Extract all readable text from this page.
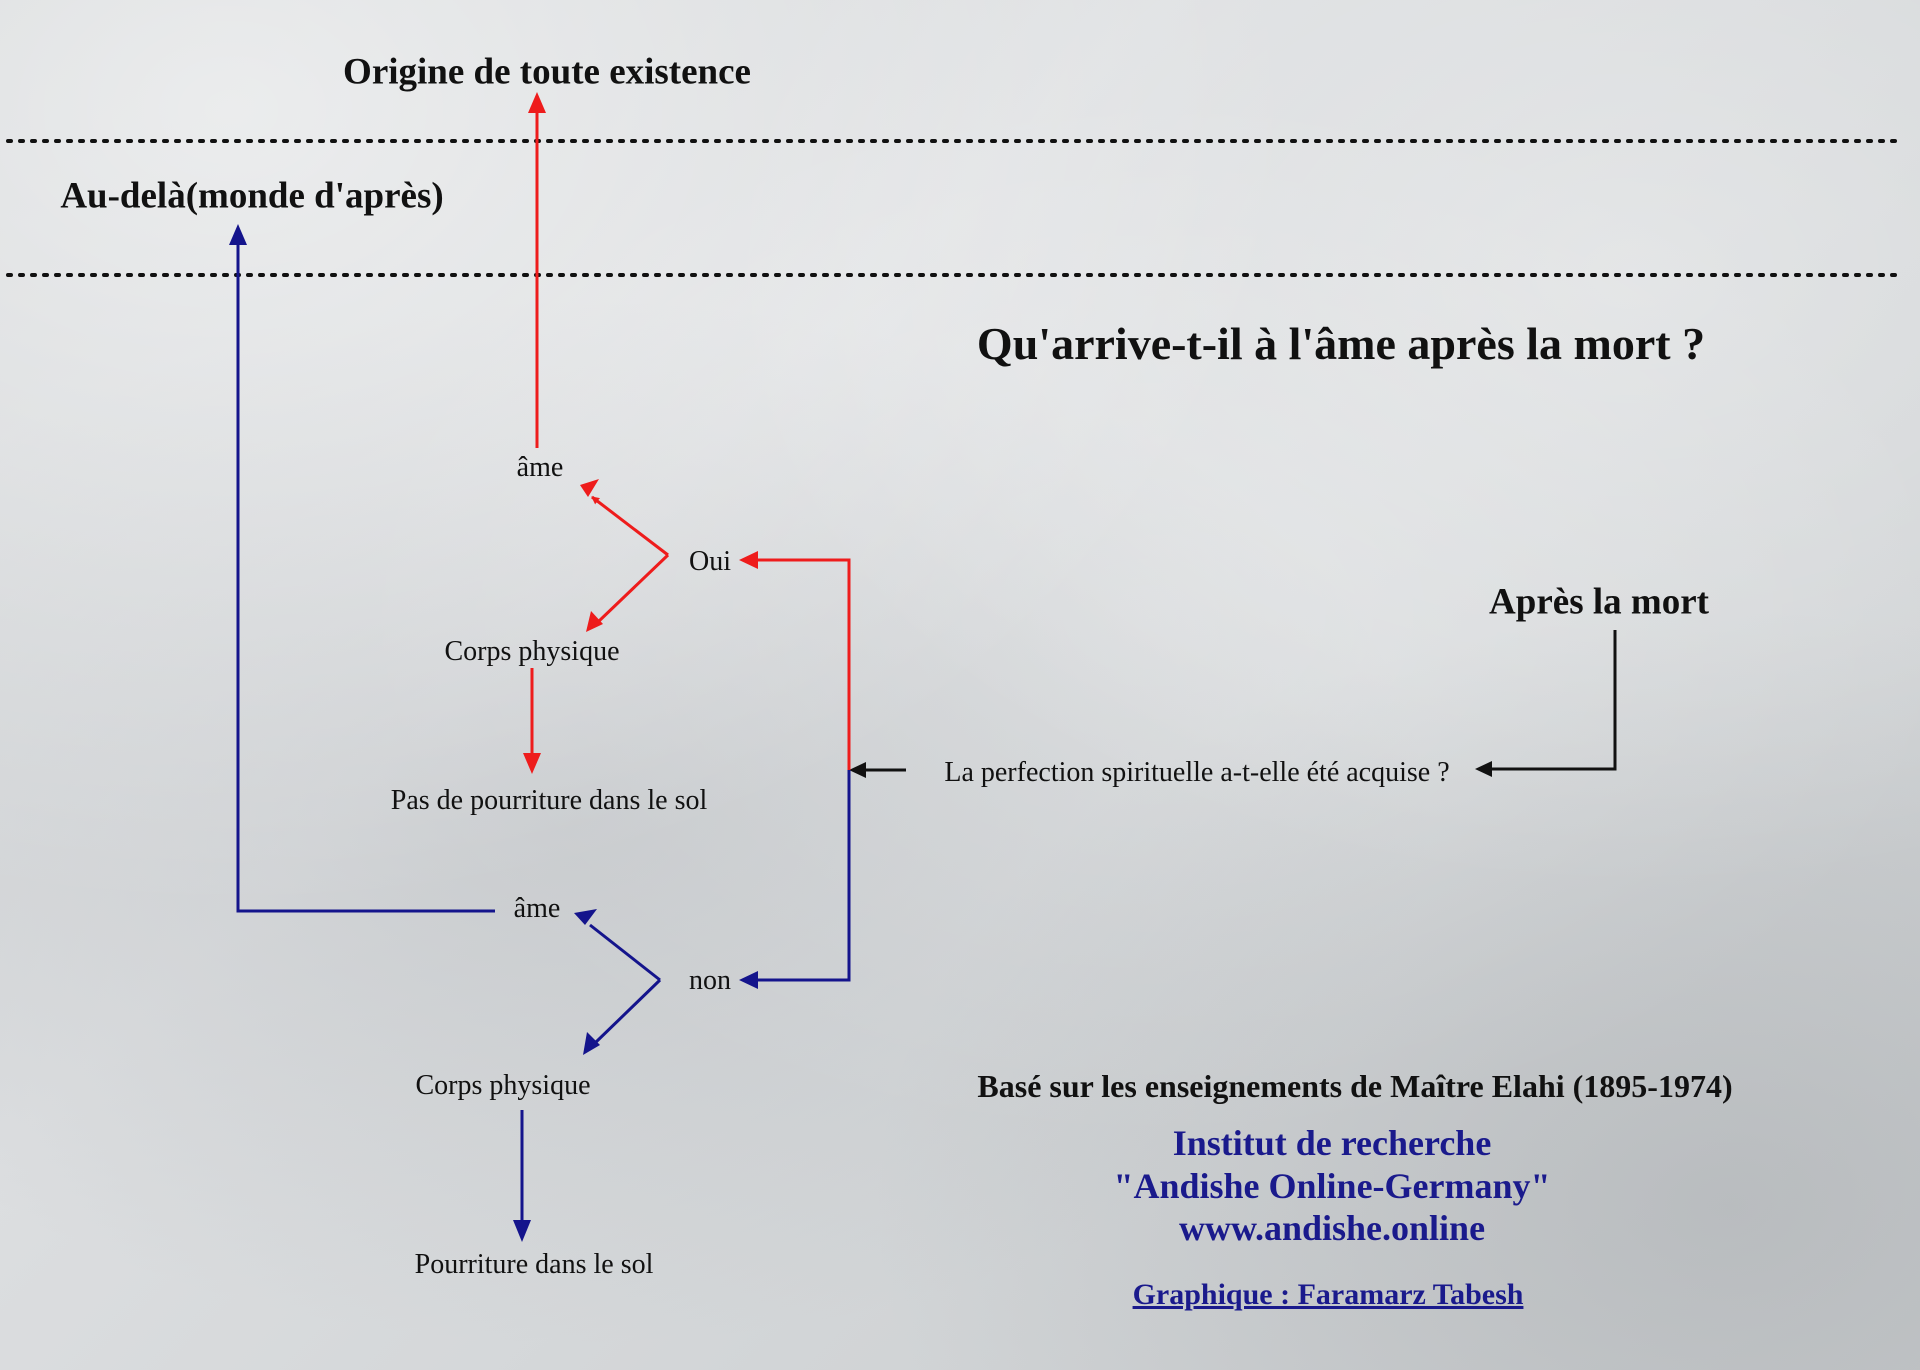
Origine de toute existence
Au-delà(monde d'après)
Qu'arrive-t-il à l'âme après la mort ?
Après la mort
La perfection spirituelle a-t-elle été acquise ?
Oui
âme
Corps physique
Pas de pourriture dans le sol
non
âme
Corps physique
Pourriture dans le sol
Basé sur les enseignements de Maître Elahi (1895-1974)
Institut de recherche
"Andishe Online-Germany"
www.andishe.online
Graphique : Faramarz Tabesh
